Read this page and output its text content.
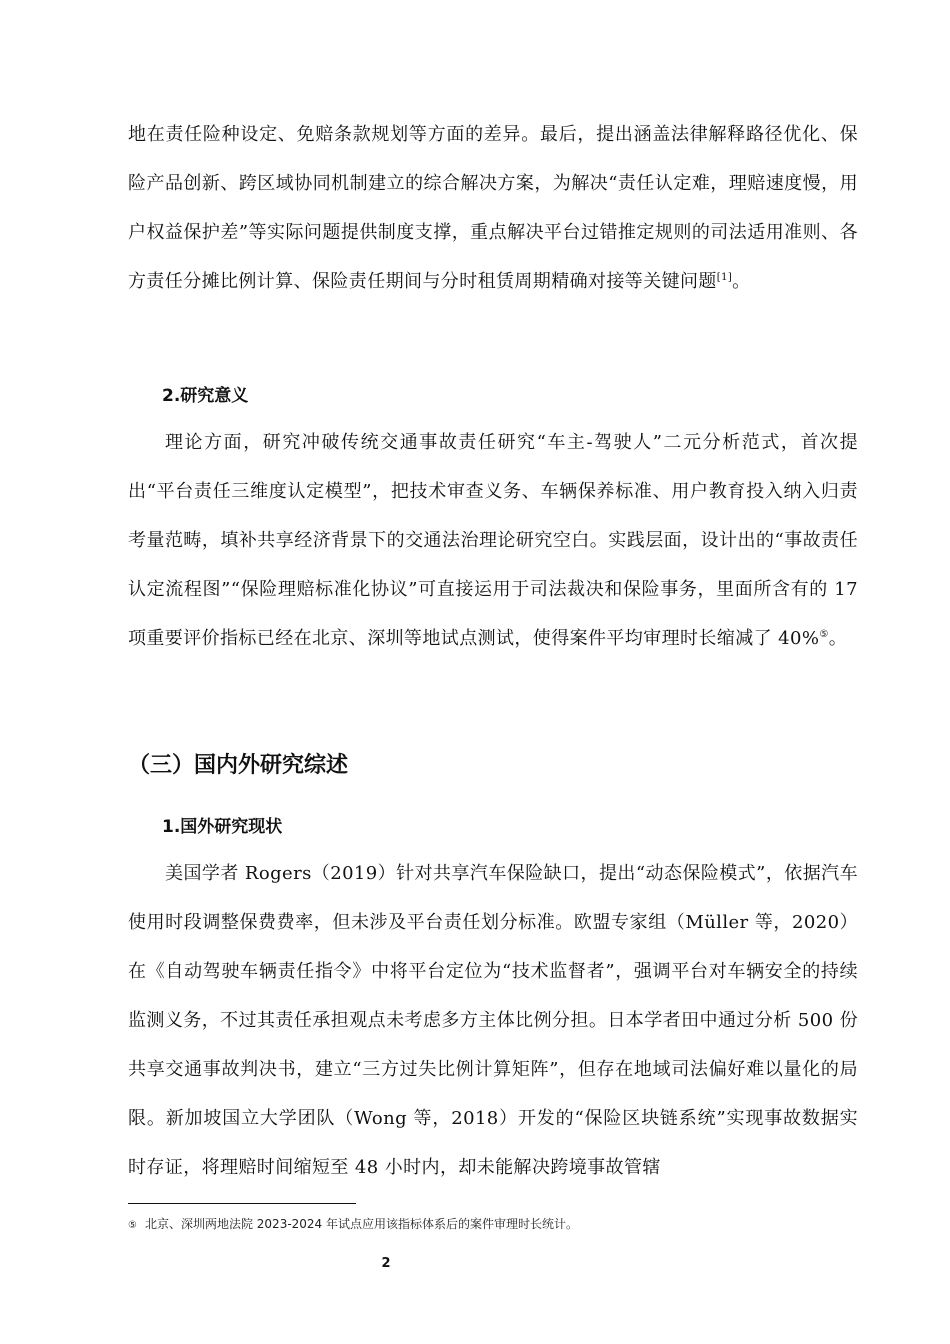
地在责任险种设定、免赔条款规划等方面的差异。最后，提出涵盖法律解释路径优化、保险产品创新、跨区域协同机制建立的综合解决方案，为解决“责任认定难，理赔速度慢，用户权益保护差”等实际问题提供制度支撑，重点解决平台过错推定规则的司法适用准则、各方责任分摊比例计算、保险责任期间与分时租赁周期精确对接等关键问题[1]。

2.研究意义

理论方面，研究冲破传统交通事故责任研究“车主-驾驶人”二元分析范式，首次提出“平台责任三维度认定模型”，把技术审查义务、车辆保养标准、用户教育投入纳入归责考量范畴，填补共享经济背景下的交通法治理论研究空白。实践层面，设计出的“事故责任认定流程图”“保险理赔标准化协议”可直接运用于司法裁决和保险事务，里面所含有的 17 项重要评价指标已经在北京、深圳等地试点测试，使得案件平均审理时长缩减了 40%⑤。

（三）国内外研究综述
1.国外研究现状

美国学者 Rogers（2019）针对共享汽车保险缺口，提出“动态保险模式”，依据汽车使用时段调整保费费率，但未涉及平台责任划分标准。欧盟专家组（Müller 等，2020）在《自动驾驶车辆责任指令》中将平台定位为“技术监督者”，强调平台对车辆安全的持续监测义务，不过其责任承担观点未考虑多方主体比例分担。日本学者田中通过分析 500 份共享交通事故判决书，建立“三方过失比例计算矩阵”，但存在地域司法偏好难以量化的局限。新加坡国立大学团队（Wong 等，2018）开发的“保险区块链系统”实现事故数据实时存证，将理赔时间缩短至 48 小时内，却未能解决跨境事故管辖

⑤ 北京、深圳两地法院 2023-2024 年试点应用该指标体系后的案件审理时长统计。
2
